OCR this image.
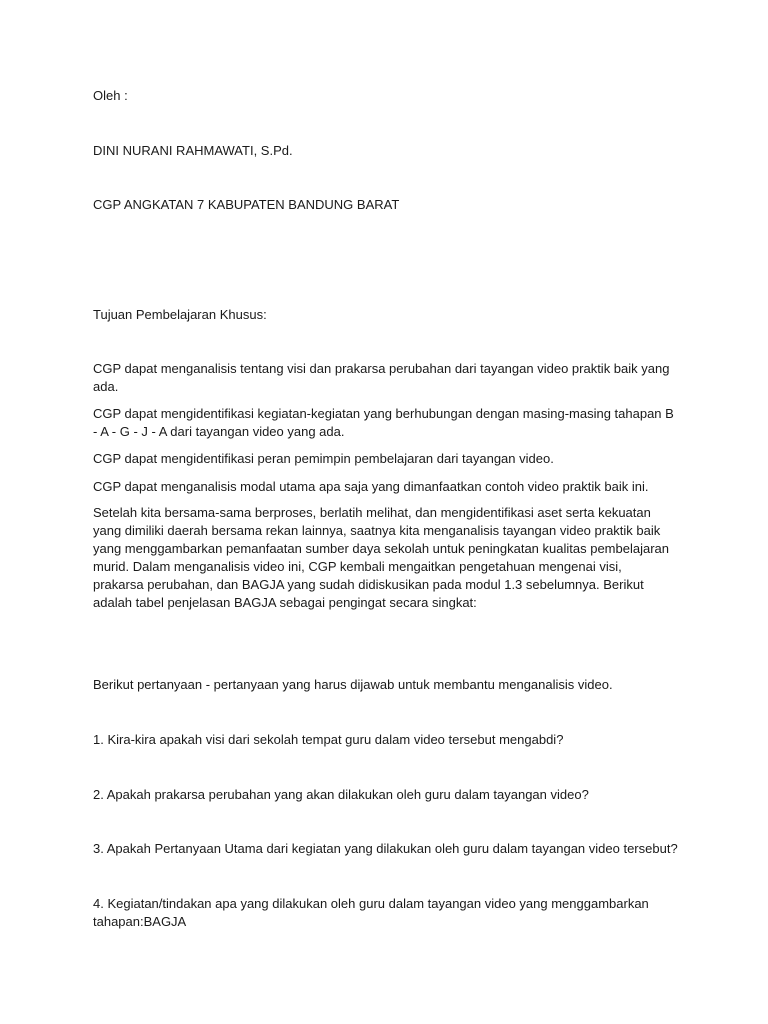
Oleh :

DINI NURANI RAHMAWATI, S.Pd.

CGP ANGKATAN 7 KABUPATEN BANDUNG BARAT

Tujuan Pembelajaran Khusus:

CGP dapat menganalisis tentang visi dan prakarsa perubahan dari tayangan video praktik baik yang ada.

CGP dapat mengidentifikasi kegiatan-kegiatan yang berhubungan dengan masing-masing tahapan B - A - G - J - A dari tayangan video yang ada.

CGP dapat mengidentifikasi peran pemimpin pembelajaran dari tayangan video.

CGP dapat menganalisis modal utama apa saja yang dimanfaatkan contoh video praktik baik ini.

Setelah kita bersama-sama berproses, berlatih melihat, dan mengidentifikasi aset serta kekuatan yang dimiliki daerah bersama rekan lainnya, saatnya kita menganalisis tayangan video praktik baik yang menggambarkan pemanfaatan sumber daya sekolah untuk peningkatan kualitas pembelajaran murid. Dalam menganalisis video ini, CGP kembali mengaitkan pengetahuan mengenai visi, prakarsa perubahan, dan BAGJA yang sudah didiskusikan pada modul 1.3 sebelumnya. Berikut adalah tabel penjelasan BAGJA sebagai pengingat secara singkat:

Berikut pertanyaan - pertanyaan yang harus dijawab untuk membantu menganalisis video.

1. Kira-kira apakah visi dari sekolah tempat guru dalam video tersebut mengabdi?

2. Apakah prakarsa perubahan yang akan dilakukan oleh guru dalam tayangan video?

3. Apakah Pertanyaan Utama dari kegiatan yang dilakukan oleh guru dalam tayangan video tersebut?

4. Kegiatan/tindakan apa yang dilakukan oleh guru dalam tayangan video yang menggambarkan tahapan:BAGJA
